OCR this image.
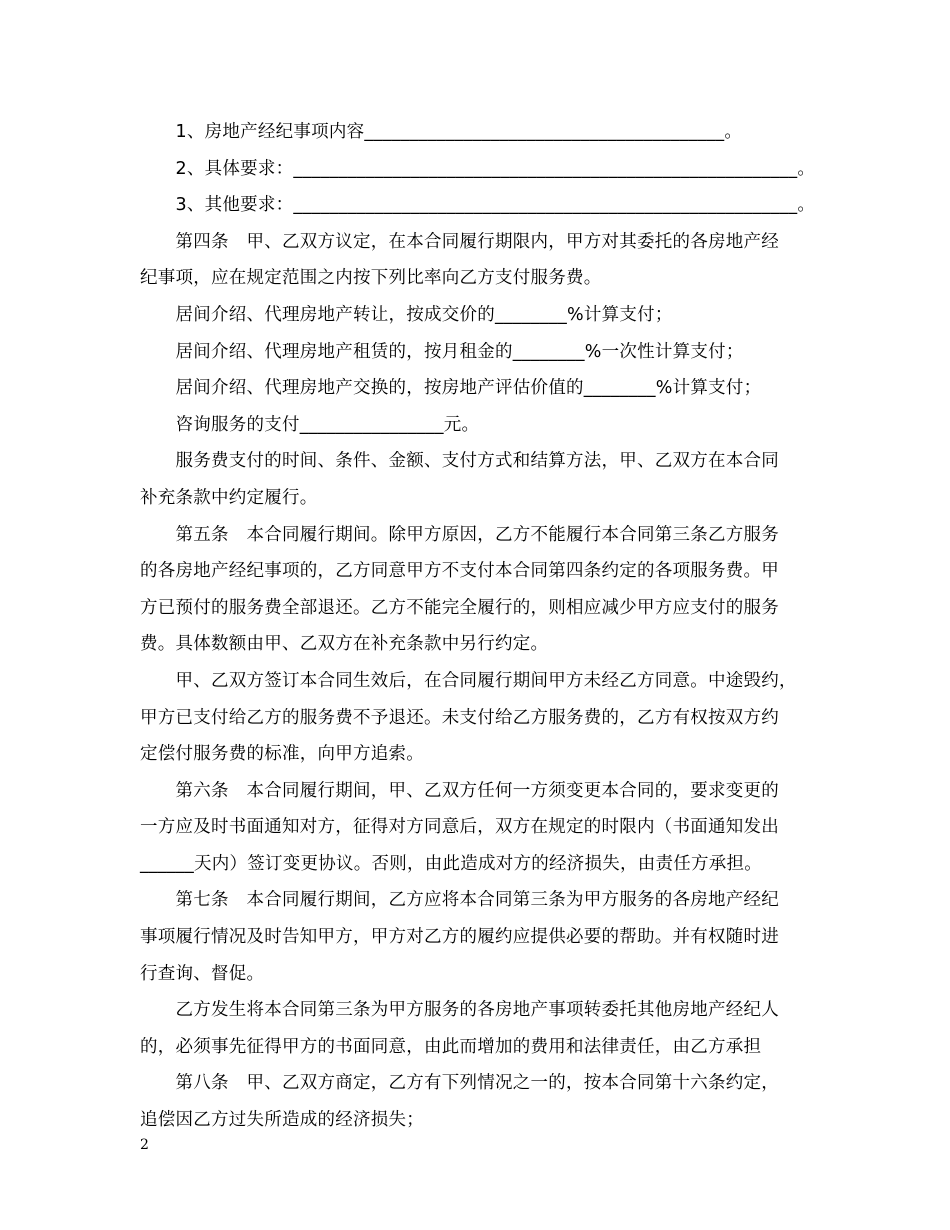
　　1、房地产经纪事项内容________________________________________。
　　2、具体要求：________________________________________________________。
　　3、其他要求：________________________________________________________。
　　第四条　甲、乙双方议定，在本合同履行期限内，甲方对其委托的各房地产经
纪事项，应在规定范围之内按下列比率向乙方支付服务费。
　　居间介绍、代理房地产转让，按成交价的________%计算支付；
　　居间介绍、代理房地产租赁的，按月租金的________%一次性计算支付；
　　居间介绍、代理房地产交换的，按房地产评估价值的________%计算支付；
　　咨询服务的支付________________元。
　　服务费支付的时间、条件、金额、支付方式和结算方法，甲、乙双方在本合同
补充条款中约定履行。
　　第五条　本合同履行期间。除甲方原因，乙方不能履行本合同第三条乙方服务
的各房地产经纪事项的，乙方同意甲方不支付本合同第四条约定的各项服务费。甲
方已预付的服务费全部退还。乙方不能完全履行的，则相应减少甲方应支付的服务
费。具体数额由甲、乙双方在补充条款中另行约定。
　　甲、乙双方签订本合同生效后，在合同履行期间甲方未经乙方同意。中途毁约，
甲方已支付给乙方的服务费不予退还。未支付给乙方服务费的，乙方有权按双方约
定偿付服务费的标准，向甲方追索。
　　第六条　本合同履行期间，甲、乙双方任何一方须变更本合同的，要求变更的
一方应及时书面通知对方，征得对方同意后，双方在规定的时限内（书面通知发出
______天内）签订变更协议。否则，由此造成对方的经济损失，由责任方承担。
　　第七条　本合同履行期间，乙方应将本合同第三条为甲方服务的各房地产经纪
事项履行情况及时告知甲方，甲方对乙方的履约应提供必要的帮助。并有权随时进
行查询、督促。
　　乙方发生将本合同第三条为甲方服务的各房地产事项转委托其他房地产经纪人
的，必须事先征得甲方的书面同意，由此而增加的费用和法律责任，由乙方承担
　　第八条　甲、乙双方商定，乙方有下列情况之一的，按本合同第十六条约定，
追偿因乙方过失所造成的经济损失；
2
